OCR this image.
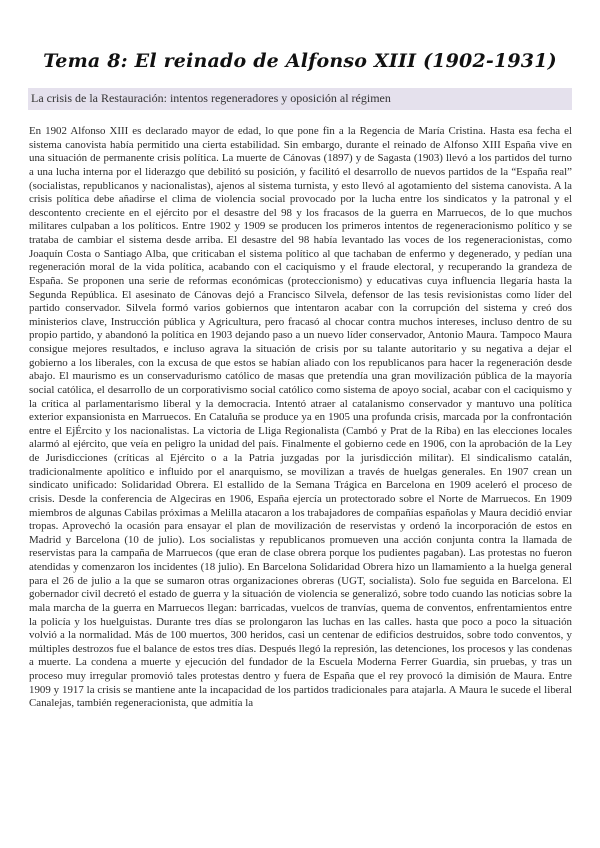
Tema 8: El reinado de Alfonso XIII (1902-1931)
La crisis de la Restauración: intentos regeneradores y oposición al régimen

En 1902 Alfonso XIII es declarado mayor de edad, lo que pone fin a la Regencia de María Cristina. Hasta esa fecha el sistema canovista había permitido una cierta estabilidad. Sin embargo, durante el reinado de Alfonso XIII España vive en una situación de permanente crisis política. La muerte de Cánovas (1897) y de Sagasta (1903) llevó a los partidos del turno a una lucha interna por el liderazgo que debilitó su posición, y facilitó el desarrollo de nuevos partidos de la “España real” (socialistas, republicanos y nacionalistas), ajenos al sistema turnista, y esto llevó al agotamiento del sistema canovista. A la crisis política debe añadirse el clima de violencia social provocado por la lucha entre los sindicatos y la patronal y el descontento creciente en el ejército por el desastre del 98 y los fracasos de la guerra en Marruecos, de lo que muchos militares culpaban a los políticos. Entre 1902 y 1909 se producen los primeros intentos de regeneracionismo político y se trataba de cambiar el sistema desde arriba. El desastre del 98 había levantado las voces de los regeneracionistas, como Joaquín Costa o Santiago Alba, que criticaban el sistema político al que tachaban de enfermo y degenerado, y pedían una regeneración moral de la vida política, acabando con el caciquismo y el fraude electoral, y recuperando la grandeza de España. Se proponen una serie de reformas económicas (proteccionismo) y educativas cuya influencia llegaría hasta la Segunda República. El asesinato de Cánovas dejó a Francisco Silvela, defensor de las tesis revisionistas como líder del partido conservador. Silvela formó varios gobiernos que intentaron acabar con la corrupción del sistema y creó dos ministerios clave, Instrucción pública y Agricultura, pero fracasó al chocar contra muchos intereses, incluso dentro de su propio partido, y abandonó la política en 1903 dejando paso a un nuevo líder conservador, Antonio Maura. Tampoco Maura consigue mejores resultados, e incluso agrava la situación de crisis por su talante autoritario y su negativa a dejar el gobierno a los liberales, con la excusa de que estos se habían aliado con los republicanos para hacer la regeneración desde abajo. El maurismo es un conservadurismo católico de masas que pretendía una gran movilización pública de la mayoría social católica, el desarrollo de un corporativismo social católico como sistema de apoyo social, acabar con el caciquismo y la crítica al parlamentarismo liberal y la democracia. Intentó atraer al catalanismo conservador y mantuvo una política exterior expansionista en Marruecos. En Cataluña se produce ya en 1905 una profunda crisis, marcada por la confrontación entre el EjÉrcito y los nacionalistas. La victoria de Lliga Regionalista (Cambó y Prat de la Riba) en las elecciones locales alarmó al ejército, que veía en peligro la unidad del país. Finalmente el gobierno cede en 1906, con la aprobación de la Ley de Jurisdicciones (críticas al Ejército o a la Patria juzgadas por la jurisdicción militar). El sindicalismo catalán, tradicionalmente apolítico e influido por el anarquismo, se movilizan a través de huelgas generales. En 1907 crean un sindicato unificado: Solidaridad Obrera. El estallido de la Semana Trágica en Barcelona en 1909 aceleró el proceso de crisis. Desde la conferencia de Algeciras en 1906, España ejercía un protectorado sobre el Norte de Marruecos. En 1909 miembros de algunas Cabilas próximas a Melilla atacaron a los trabajadores de compañías españolas y Maura decidió enviar tropas. Aprovechó la ocasión para ensayar el plan de movilización de reservistas y ordenó la incorporación de estos en Madrid y Barcelona (10 de julio). Los socialistas y republicanos promueven una acción conjunta contra la llamada de reservistas para la campaña de Marruecos (que eran de clase obrera porque los pudientes pagaban). Las protestas no fueron atendidas y comenzaron los incidentes (18 julio). En Barcelona Solidaridad Obrera hizo un llamamiento a la huelga general para el 26 de julio a la que se sumaron otras organizaciones obreras (UGT, socialista). Solo fue seguida en Barcelona. El gobernador civil decretó el estado de guerra y la situación de violencia se generalizó, sobre todo cuando las noticias sobre la mala marcha de la guerra en Marruecos llegan: barricadas, vuelcos de tranvías, quema de conventos, enfrentamientos entre la policía y los huelguistas. Durante tres días se prolongaron las luchas en las calles. hasta que poco a poco la situación volvió a la normalidad. Más de 100 muertos, 300 heridos, casi un centenar de edificios destruidos, sobre todo conventos, y múltiples destrozos fue el balance de estos tres días. Después llegó la represión, las detenciones, los procesos y las condenas a muerte. La condena a muerte y ejecución del fundador de la Escuela Moderna Ferrer Guardia, sin pruebas, y tras un proceso muy irregular promovió tales protestas dentro y fuera de España que el rey provocó la dimisión de Maura. Entre 1909 y 1917 la crisis se mantiene ante la incapacidad de los partidos tradicionales para atajarla. A Maura le sucede el liberal Canalejas, también regeneracionista, que admitía la
